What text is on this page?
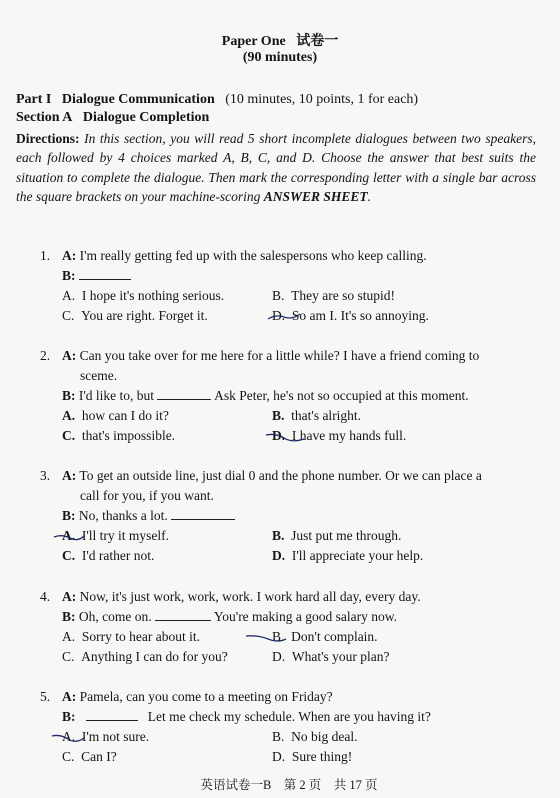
Paper One 试卷一
(90 minutes)
Part I Dialogue Communication (10 minutes, 10 points, 1 for each)
Section A Dialogue Completion
Directions: In this section, you will read 5 short incomplete dialogues between two speakers, each followed by 4 choices marked A, B, C, and D. Choose the answer that best suits the situation to complete the dialogue. Then mark the corresponding letter with a single bar across the square brackets on your machine-scoring ANSWER SHEET.
1. A: I'm really getting fed up with the salespersons who keep calling.
B:
A. I hope it's nothing serious.	B. They are so stupid!
C. You are right. Forget it.	D. So am I. It's so annoying.
2. A: Can you take over for me here for a little while? I have a friend coming to
sceme.
B: I'd like to, but	Ask Peter, he's not so occupied at this moment.
A. how can I do it?	B. that's alright.
C. that's impossible.	D. I have my hands full.
3. A: To get an outside line, just dial 0 and the phone number. Or we can place a
call for you, if you want.
B: No, thanks a lot.
A. I'll try it myself.	B. Just put me through.
C. I'd rather not.	D. I'll appreciate your help.
4. A: Now, it's just work, work, work. I work hard all day, every day.
B: Oh, come on.	You're making a good salary now.
A. Sorry to hear about it.	B. Don't complain.
C. Anything I can do for you?	D. What's your plan?
5. A: Pamela, can you come to a meeting on Friday?
B:	Let me check my schedule. When are you having it?
A. I'm not sure.	B. No big deal.
C. Can I?	D. Sure thing!
英语试卷一B　第 2 页　共 17 页
